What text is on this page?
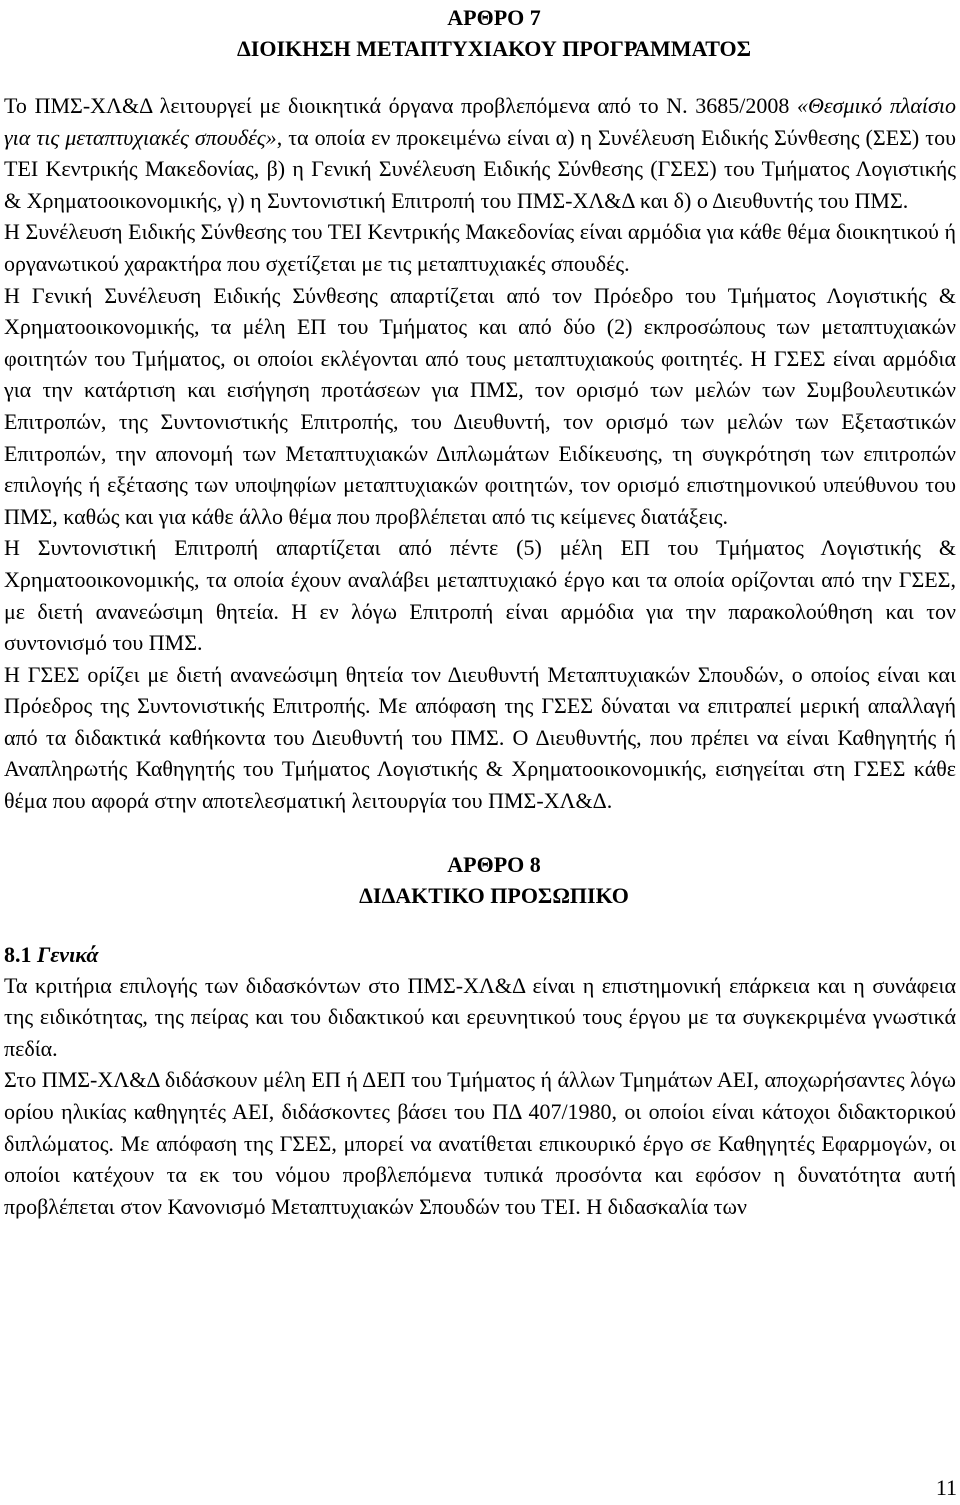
ΑΡΘΡΟ 7

ΔΙΟΙΚΗΣΗ ΜΕΤΑΠΤΥΧΙΑΚΟΥ ΠΡΟΓΡΑΜΜΑΤΟΣ

Το ΠΜΣ-ΧΛ&Δ λειτουργεί με διοικητικά όργανα προβλεπόμενα από το Ν. 3685/2008 «Θεσμικό πλαίσιο για τις μεταπτυχιακές σπουδές», τα οποία εν προκειμένω είναι α) η Συνέλευση Ειδικής Σύνθεσης (ΣΕΣ) του ΤΕΙ Κεντρικής Μακεδονίας, β) η Γενική Συνέλευση Ειδικής Σύνθεσης (ΓΣΕΣ) του Τμήματος Λογιστικής & Χρηματοοικονομικής, γ) η Συντονιστική Επιτροπή του ΠΜΣ-ΧΛ&Δ και δ) ο Διευθυντής του ΠΜΣ.

Η Συνέλευση Ειδικής Σύνθεσης του ΤΕΙ Κεντρικής Μακεδονίας είναι αρμόδια για κάθε θέμα διοικητικού ή οργανωτικού χαρακτήρα που σχετίζεται με τις μεταπτυχιακές σπουδές.

Η Γενική Συνέλευση Ειδικής Σύνθεσης απαρτίζεται από τον Πρόεδρο του Τμήματος Λογιστικής & Χρηματοοικονομικής, τα μέλη ΕΠ του Τμήματος και από δύο (2) εκπροσώπους των μεταπτυχιακών φοιτητών του Τμήματος, οι οποίοι εκλέγονται από τους μεταπτυχιακούς φοιτητές. Η ΓΣΕΣ είναι αρμόδια για την κατάρτιση και εισήγηση προτάσεων για ΠΜΣ, τον ορισμό των μελών των Συμβουλευτικών Επιτροπών, της Συντονιστικής Επιτροπής, του Διευθυντή, τον ορισμό των μελών των Εξεταστικών Επιτροπών, την απονομή των Μεταπτυχιακών Διπλωμάτων Ειδίκευσης, τη συγκρότηση των επιτροπών επιλογής ή εξέτασης των υποψηφίων μεταπτυχιακών φοιτητών, τον ορισμό επιστημονικού υπεύθυνου του ΠΜΣ, καθώς και για κάθε άλλο θέμα που προβλέπεται από τις κείμενες διατάξεις.

Η Συντονιστική Επιτροπή απαρτίζεται από πέντε (5) μέλη ΕΠ του Τμήματος Λογιστικής & Χρηματοοικονομικής, τα οποία έχουν αναλάβει μεταπτυχιακό έργο και τα οποία ορίζονται από την ΓΣΕΣ, με διετή ανανεώσιμη θητεία. Η εν λόγω Επιτροπή είναι αρμόδια για την παρακολούθηση και τον συντονισμό του ΠΜΣ.

Η ΓΣΕΣ ορίζει με διετή ανανεώσιμη θητεία τον Διευθυντή Μεταπτυχιακών Σπουδών, ο οποίος είναι και Πρόεδρος της Συντονιστικής Επιτροπής. Με απόφαση της ΓΣΕΣ δύναται να επιτραπεί μερική απαλλαγή από τα διδακτικά καθήκοντα του Διευθυντή του ΠΜΣ. Ο Διευθυντής, που πρέπει να είναι Καθηγητής ή Αναπληρωτής Καθηγητής του Τμήματος Λογιστικής & Χρηματοοικονομικής, εισηγείται στη ΓΣΕΣ κάθε θέμα που αφορά στην αποτελεσματική λειτουργία του ΠΜΣ-ΧΛ&Δ.

ΑΡΘΡΟ 8

ΔΙΔΑΚΤΙΚΟ ΠΡΟΣΩΠΙΚΟ

8.1 Γενικά

Τα κριτήρια επιλογής των διδασκόντων στο ΠΜΣ-ΧΛ&Δ είναι η επιστημονική επάρκεια και η συνάφεια της ειδικότητας, της πείρας και του διδακτικού και ερευνητικού τους έργου με τα συγκεκριμένα γνωστικά πεδία.

Στο ΠΜΣ-ΧΛ&Δ διδάσκουν μέλη ΕΠ ή ΔΕΠ του Τμήματος ή άλλων Τμημάτων ΑΕΙ, αποχωρήσαντες λόγω ορίου ηλικίας καθηγητές ΑΕΙ, διδάσκοντες βάσει του ΠΔ 407/1980, οι οποίοι είναι κάτοχοι διδακτορικού διπλώματος. Με απόφαση της ΓΣΕΣ, μπορεί να ανατίθεται επικουρικό έργο σε Καθηγητές Εφαρμογών, οι οποίοι κατέχουν τα εκ του νόμου προβλεπόμενα τυπικά προσόντα και εφόσον η δυνατότητα αυτή προβλέπεται στον Κανονισμό Μεταπτυχιακών Σπουδών του ΤΕΙ. Η διδασκαλία των

11
